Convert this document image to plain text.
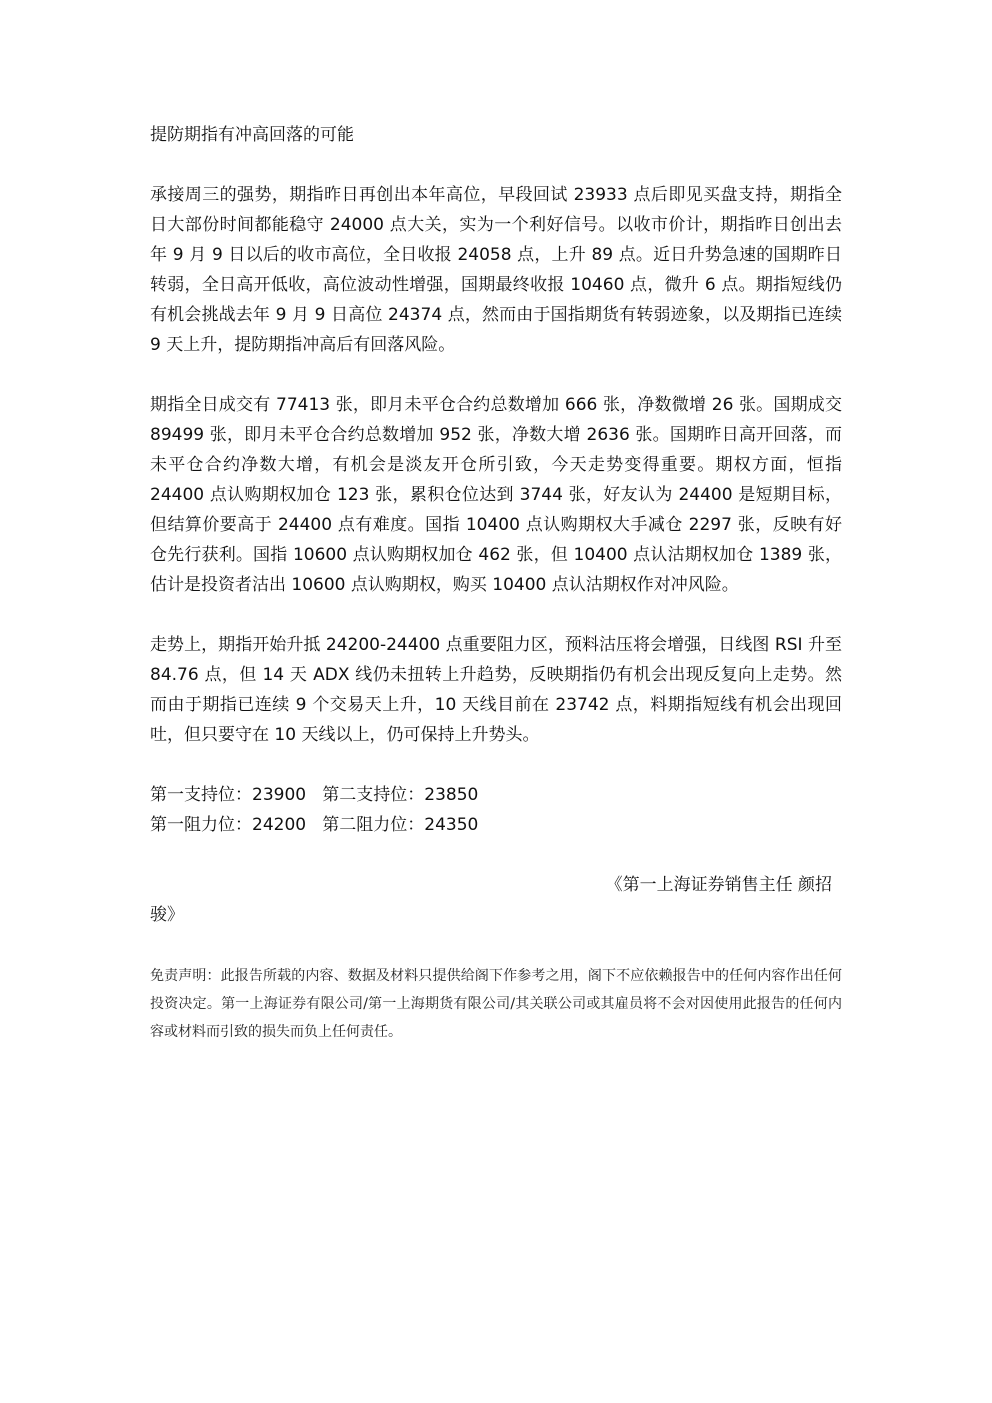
提防期指有冲高回落的可能

承接周三的强势，期指昨日再创出本年高位，早段回试 23933 点后即见买盘支持，期指全日大部份时间都能稳守 24000 点大关，实为一个利好信号。以收市价计，期指昨日创出去年 9 月 9 日以后的收市高位，全日收报 24058 点，上升 89 点。近日升势急速的国期昨日转弱，全日高开低收，高位波动性增强，国期最终收报 10460 点，微升 6 点。期指短线仍有机会挑战去年 9 月 9 日高位 24374 点，然而由于国指期货有转弱迹象，以及期指已连续 9 天上升，提防期指冲高后有回落风险。

期指全日成交有 77413 张，即月未平仓合约总数增加 666 张，净数微增 26 张。国期成交 89499 张，即月未平仓合约总数增加 952 张，净数大增 2636 张。国期昨日高开回落，而未平仓合约净数大增，有机会是淡友开仓所引致，今天走势变得重要。期权方面，恒指 24400 点认购期权加仓 123 张，累积仓位达到 3744 张，好友认为 24400 是短期目标，但结算价要高于 24400 点有难度。国指 10400 点认购期权大手减仓 2297 张，反映有好仓先行获利。国指 10600 点认购期权加仓 462 张，但 10400 点认沽期权加仓 1389 张，估计是投资者沽出 10600 点认购期权，购买 10400 点认沽期权作对冲风险。

走势上，期指开始升抵 24200-24400 点重要阻力区，预料沽压将会增强，日线图 RSI 升至 84.76 点，但 14 天 ADX 线仍未扭转上升趋势，反映期指仍有机会出现反复向上走势。然而由于期指已连续 9 个交易天上升，10 天线目前在 23742 点，料期指短线有机会出现回吐，但只要守在 10 天线以上，仍可保持上升势头。

第一支持位：23900   第二支持位：23850
第一阻力位：24200   第二阻力位：24350
《第一上海证券销售主任 颜招
骏》

免责声明：此报告所载的内容、数据及材料只提供给阁下作参考之用，阁下不应依赖报告中的任何内容作出任何投资决定。第一上海证券有限公司/第一上海期货有限公司/其关联公司或其雇员将不会对因使用此报告的任何内容或材料而引致的损失而负上任何责任。
